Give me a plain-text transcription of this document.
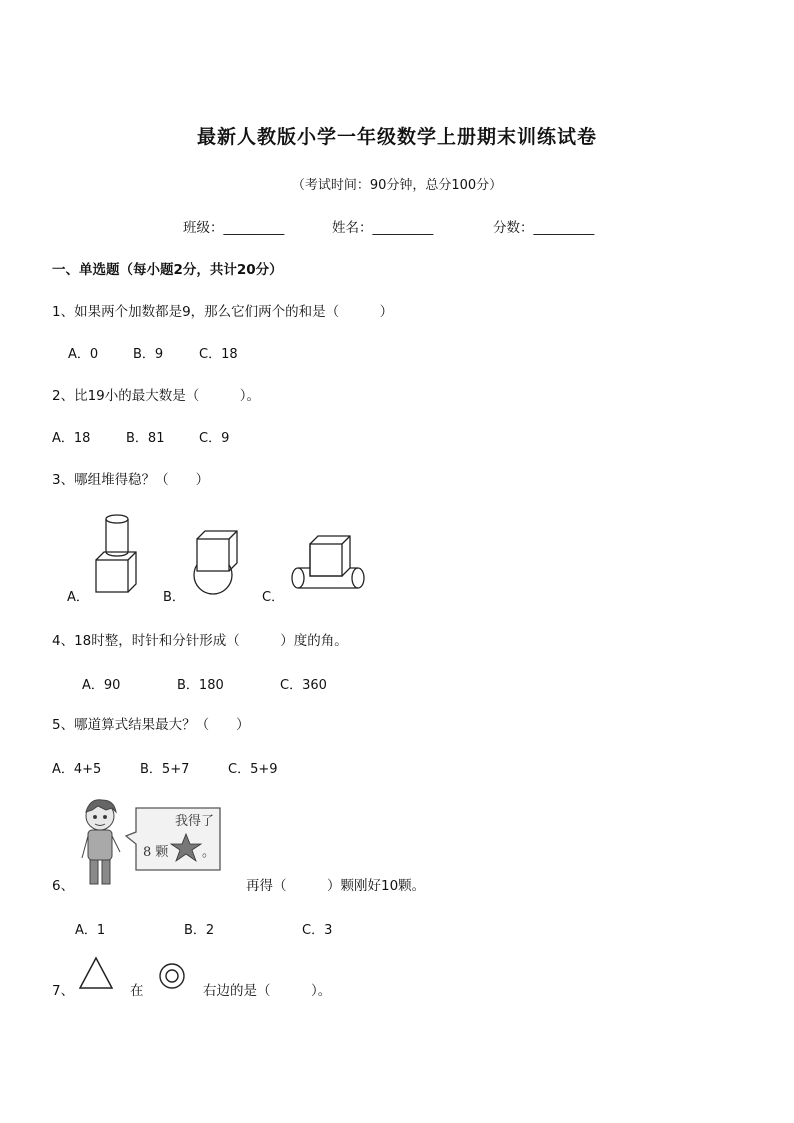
最新人教版小学一年级数学上册期末训练试卷
（考试时间：90分钟，总分100分）
班级：_________	姓名：_________	分数：_________
一、单选题（每小题2分，共计20分）
1、如果两个加数都是9，那么它们两个的和是（　　　）
A．0	B．9	C．18
2、比19小的最大数是（　　　）。
A．18	B．81	C．9
3、哪组堆得稳？（　　）
A．	B．	C．
4、18时整，时针和分针形成（　　　）度的角。
A．90	B．180	C．360
5、哪道算式结果最大？（　　）
A．4+5	B．5+7	C．5+9
我得了
8 颗	。
6、	再得（　　　）颗刚好10颗。
A．1	B．2	C．3
7、	在	右边的是（　　　）。
